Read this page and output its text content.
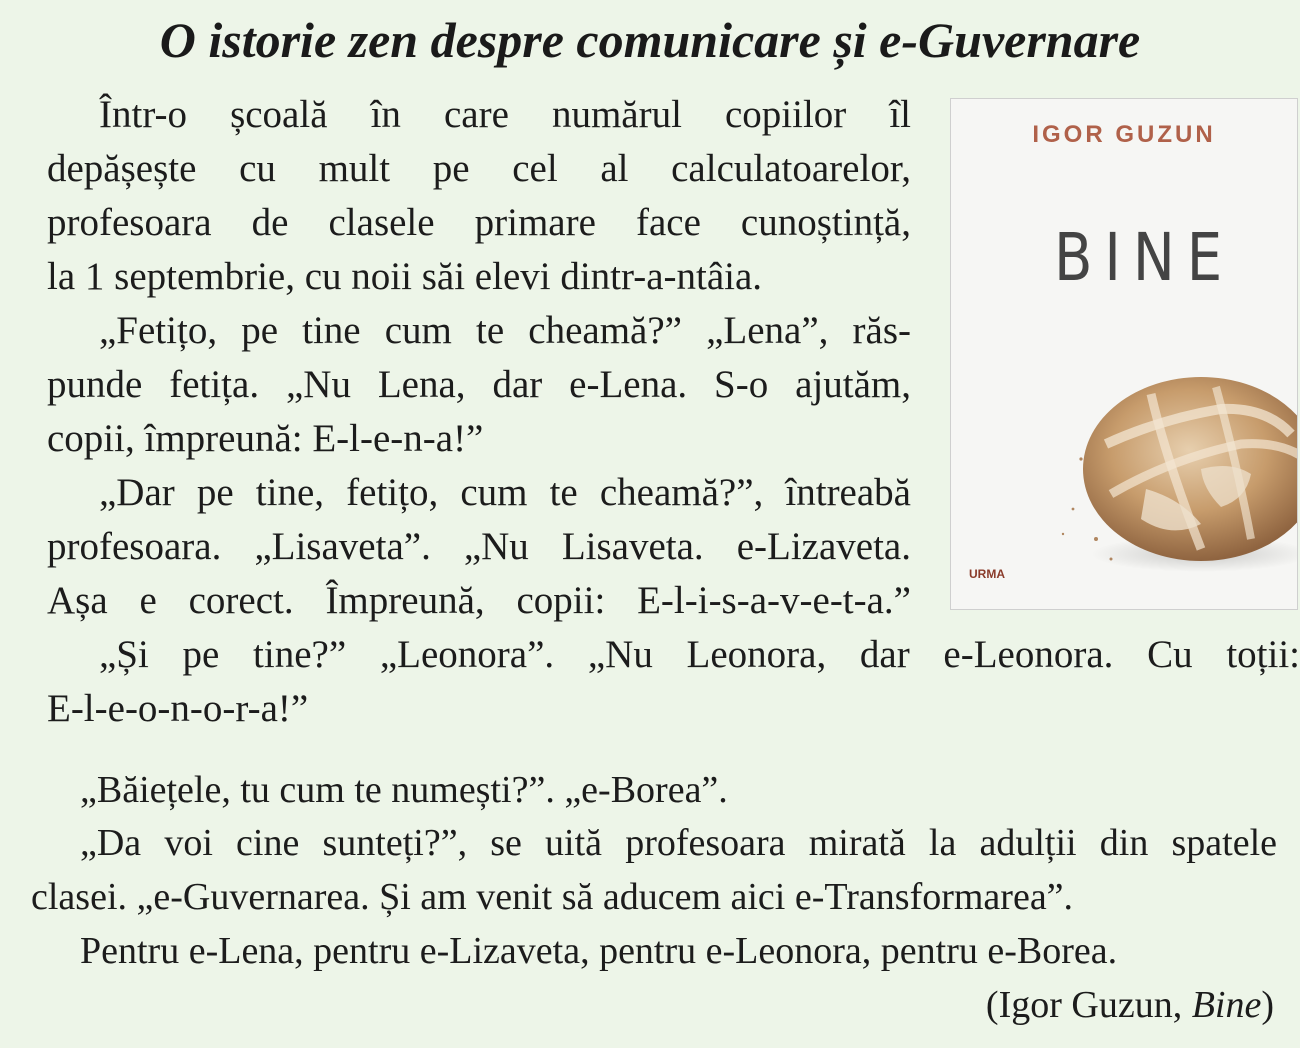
O istorie zen despre comunicare și e-Guvernare
Într-o școală în care numărul copiilor îl
depășește cu mult pe cel al calculatoarelor,
profesoara de clasele primare face cunoștință,
la 1 septembrie, cu noii săi elevi dintr-a-ntâia.
„Fetițo, pe tine cum te cheamă?” „Lena”, răs-
punde fetița. „Nu Lena, dar e-Lena. S-o ajutăm,
copii, împreună: E-l-e-n-a!”
„Dar pe tine, fetițo, cum te cheamă?”, întreabă
profesoara. „Lisaveta”. „Nu Lisaveta. e-Lizaveta.
Așa e corect. Împreună, copii: E-l-i-s-a-v-e-t-a.”
„Și pe tine?” „Leonora”. „Nu Leonora, dar e-Leonora. Cu toții:
E-l-e-o-n-o-r-a!”
„Băiețele, tu cum te numești?”. „e-Borea”.
„Da voi cine sunteți?”, se uită profesoara mirată la adulții din spatele
clasei. „e-Guvernarea. Și am venit să aducem aici e-Transformarea”.
Pentru e-Lena, pentru e-Lizaveta, pentru e-Leonora, pentru e-Borea.
(Igor Guzun, Bine)
IGOR GUZUN
BINE
URMA
